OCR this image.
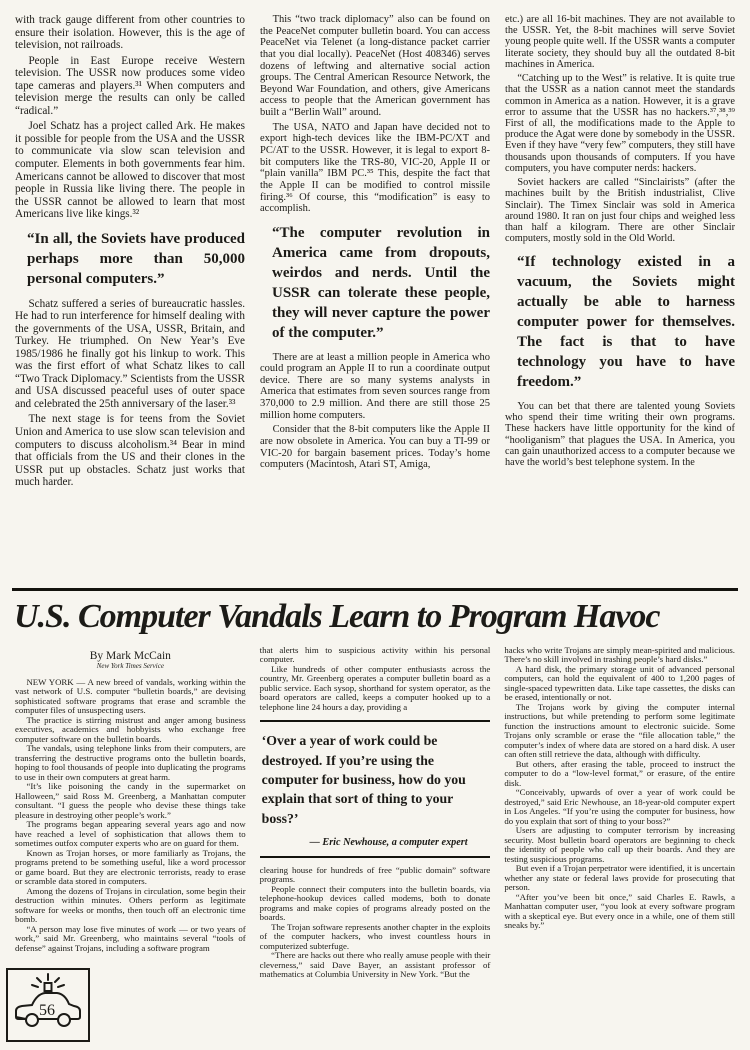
with track gauge different from other countries to ensure their isolation. However, this is the age of television, not railroads.

People in East Europe receive Western television. The USSR now produces some video tape cameras and players.³¹ When computers and television merge the results can only be called “radical.”

Joel Schatz has a project called Ark. He makes it possible for people from the USA and the USSR to communicate via slow scan television and computer. Elements in both governments fear him. Americans cannot be allowed to discover that most people in Russia like living there. The people in the USSR cannot be allowed to learn that most Americans live like kings.³²

“In all, the Soviets have produced perhaps more than 50,000 personal computers.”

Schatz suffered a series of bureaucratic hassles. He had to run interference for himself dealing with the governments of the USA, USSR, Britain, and Turkey. He triumphed. On New Year’s Eve 1985/1986 he finally got his linkup to work. This was the first effort of what Schatz likes to call “Two Track Diplomacy.” Scientists from the USSR and USA discussed peaceful uses of outer space and celebrated the 25th anniversary of the laser.³³

The next stage is for teens from the Soviet Union and America to use slow scan television and computers to discuss alcoholism.³⁴ Bear in mind that officials from the US and their clones in the USSR put up obstacles. Schatz just works that much harder.

This “two track diplomacy” also can be found on the PeaceNet computer bulletin board. You can access PeaceNet via Telenet (a long-distance packet carrier that you dial locally). PeaceNet (Host 408346) serves dozens of leftwing and alternative social action groups. The Central American Resource Network, the Beyond War Foundation, and others, give Americans access to people that the American government has built a “Berlin Wall” around.

The USA, NATO and Japan have decided not to export high-tech devices like the IBM-PC/XT and PC/AT to the USSR. However, it is legal to export 8-bit computers like the TRS-80, VIC-20, Apple II or “plain vanilla” IBM PC.³⁵ This, despite the fact that the Apple II can be modified to control missile firing.³⁶ Of course, this “modification” is easy to accomplish.

“The computer revolution in America came from dropouts, weirdos and nerds. Until the USSR can tolerate these people, they will never capture the power of the computer.”

There are at least a million people in America who could program an Apple II to run a coordinate output device. There are so many systems analysts in America that estimates from seven sources range from 370,000 to 2.9 million. And there are still those 25 million home computers.

Consider that the 8-bit computers like the Apple II are now obsolete in America. You can buy a TI-99 or VIC-20 for bargain basement prices. Today’s home computers (Macintosh, Atari ST, Amiga,

etc.) are all 16-bit machines. They are not available to the USSR. Yet, the 8-bit machines will serve Soviet young people quite well. If the USSR wants a computer literate society, they should buy all the outdated 8-bit machines in America.

“Catching up to the West” is relative. It is quite true that the USSR as a nation cannot meet the standards common in America as a nation. However, it is a grave error to assume that the USSR has no hackers.³⁷,³⁸,³⁹ First of all, the modifications made to the Apple to produce the Agat were done by somebody in the USSR. Even if they have “very few” computers, they still have thousands upon thousands of computers. If you have computers, you have computer nerds: hackers.

Soviet hackers are called “Sinclairists” (after the machines built by the British industrialist, Clive Sinclair). The Timex Sinclair was sold in America around 1980. It ran on just four chips and weighed less than half a kilogram. There are other Sinclair computers, mostly sold in the Old World.

“If technology existed in a vacuum, the Soviets might actually be able to harness computer power for themselves. The fact is that to have technology you have to have freedom.”

You can bet that there are talented young Soviets who spend their time writing their own programs. These hackers have little opportunity for the kind of “hooliganism” that plagues the USA. In America, you can gain unauthorized access to a computer because we have the world’s best telephone system. In the

U.S. Computer Vandals Learn to Program Havoc
By Mark McCain
New York Times Service

NEW YORK — A new breed of vandals, working within the vast network of U.S. computer “bulletin boards,” are devising sophisticated software programs that erase and scramble the computer files of unsuspecting users.

The practice is stirring mistrust and anger among business executives, academics and hobbyists who exchange free computer software on the bulletin boards.

The vandals, using telephone links from their computers, are transferring the destructive programs onto the bulletin boards, hoping to fool thousands of people into duplicating the programs to use in their own computers at great harm.

“It’s like poisoning the candy in the supermarket on Halloween,” said Ross M. Greenberg, a Manhattan computer consultant. “I guess the people who devise these things take pleasure in destroying other people’s work.”

The programs began appearing several years ago and now have reached a level of sophistication that allows them to sometimes outfox computer experts who are on guard for them.

Known as Trojan horses, or more familiarly as Trojans, the programs pretend to be something useful, like a word processor or game board. But they are electronic terrorists, ready to erase or scramble data stored in computers.

Among the dozens of Trojans in circulation, some begin their destruction within minutes. Others perform as legitimate software for weeks or months, then touch off an electronic time bomb.

“A person may lose five minutes of work — or two years of work,” said Mr. Greenberg, who maintains several “tools of defense” against Trojans, including a software program

that alerts him to suspicious activity within his personal computer.

Like hundreds of other computer enthusiasts across the country, Mr. Greenberg operates a computer bulletin board as a public service. Each sysop, shorthand for system operator, as the board operators are called, keeps a computer hooked up to a telephone line 24 hours a day, providing a

‘Over a year of work could be destroyed. If you’re using the computer for business, how do you explain that sort of thing to your boss?’

— Eric Newhouse, a computer expert

clearing house for hundreds of free “public domain” software programs.

People connect their computers into the bulletin boards, via telephone-hookup devices called modems, both to donate programs and make copies of programs already posted on the boards.

The Trojan software represents another chapter in the exploits of the computer hackers, who invest countless hours in computerized subterfuge.

“There are hacks out there who really amuse people with their cleverness,” said Dave Bayer, an assistant professor of mathematics at Columbia University in New York. “But the

hacks who write Trojans are simply mean-spirited and malicious. There’s no skill involved in trashing people’s hard disks.”

A hard disk, the primary storage unit of advanced personal computers, can hold the equivalent of 400 to 1,200 pages of single-spaced typewritten data. Like tape cassettes, the disks can be erased, intentionally or not.

The Trojans work by giving the computer internal instructions, but while pretending to perform some legitimate function the instructions amount to electronic suicide. Some Trojans only scramble or erase the “file allocation table,” the computer’s index of where data are stored on a hard disk. A user can often still retrieve the data, although with difficulty.

But others, after erasing the table, proceed to instruct the computer to do a “low-level format,” or erasure, of the entire disk.

“Conceivably, upwards of over a year of work could be destroyed,” said Eric Newhouse, an 18-year-old computer expert in Los Angeles. “If you’re using the computer for business, how do you explain that sort of thing to your boss?”

Users are adjusting to computer terrorism by increasing security. Most bulletin board operators are beginning to check the identity of people who call up their boards. And they are testing suspicious programs.

But even if a Trojan perpetrator were identified, it is uncertain whether any state or federal laws provide for prosecuting that person.

“After you’ve been bit once,” said Charles E. Rawls, a Manhattan computer user, “you look at every software program with a skeptical eye. But every once in a while, one of them still sneaks by.”

56
